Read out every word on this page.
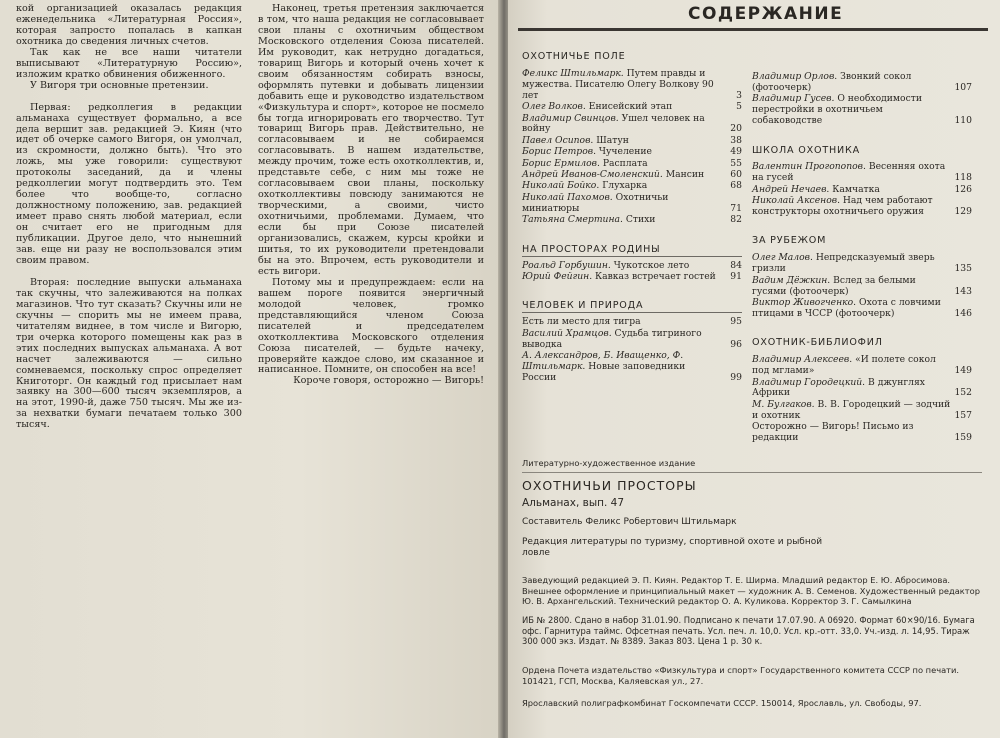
кой организацией оказалась редакция еженедельника «Литературная Россия», которая запросто попалась в капкан охотника до сведения личных счетов.

Так как не все наши читатели выписывают «Литературную Россию», изложим кратко обвинения обиженного.

У Вигоря три основные претензии.

Первая: редколлегия в редакции альманаха существует формально, а все дела вершит зав. редакцией Э. Киян (что идет об очерке самого Вигоря, он умолчал, из скромности, должно быть). Что это ложь, мы уже говорили: существуют протоколы заседаний, да и члены редколлегии могут подтвердить это. Тем более что вообще-то, согласно должностному положению, зав. редакцией имеет право снять любой материал, если он считает его не пригодным для публикации. Другое дело, что нынешний зав. еще ни разу не воспользовался этим своим правом.

Вторая: последние выпуски альманаха так скучны, что залеживаются на полках магазинов. Что тут сказать? Скучны или не скучны — спорить мы не имеем права, читателям виднее, в том числе и Вигорю, три очерка которого помещены как раз в этих последних выпусках альманаха. А вот насчет залеживаются — сильно сомневаемся, поскольку спрос определяет Книготорг. Он каждый год присылает нам заявку на 300—600 тысяч экземпляров, а на этот, 1990-й, даже 750 тысяч. Мы же из-за нехватки бумаги печатаем только 300 тысяч.

Наконец, третья претензия заключается в том, что наша редакция не согласовывает свои планы с охотничьим обществом Московского отделения Союза писателей. Им руководит, как нетрудно догадаться, товарищ Вигорь и который очень хочет к своим обязанностям собирать взносы, оформлять путевки и добывать лицензии добавить еще и руководство издательством «Физкультура и спорт», которое не посмело бы тогда игнорировать его творчество. Тут товарищ Вигорь прав. Действительно, не согласовываем и не собираемся согласовывать. В нашем издательстве, между прочим, тоже есть охотколлектив, и, представьте себе, с ним мы тоже не согласовываем свои планы, поскольку охотколлективы повсюду занимаются не творческими, а своими, чисто охотничьими, проблемами. Думаем, что если бы при Союзе писателей организовались, скажем, курсы кройки и шитья, то их руководители претендовали бы на это. Впрочем, есть руководители и есть вигори.

Потому мы и предупреждаем: если на вашем пороге появится энергичный молодой человек, громко представляющийся членом Союза писателей и председателем охотколлектива Московского отделения Союза писателей, — будьте начеку, проверяйте каждое слово, им сказанное и написанное. Помните, он способен на все!

Короче говоря, осторожно — Вигорь!

СОДЕРЖАНИЕ
ОХОТНИЧЬЕ ПОЛЕ
Феликс Штильмарк. Путем правды и мужества. Писателю Олегу Волкову 90 лет	3
Олег Волков. Енисейский этап	5
Владимир Свинцов. Ушел человек на войну	20
Павел Осипов. Шатун	38
Борис Петров. Чучеление	49
Борис Ермилов. Расплата	55
Андрей Иванов-Смоленский. Мансин	60
Николай Бойко. Глухарка	68
Николай Пахомов. Охотничьи миниатюры	71
Татьяна Смертина. Стихи	82
НА ПРОСТОРАХ РОДИНЫ
Роальд Горбушин. Чукотское лето	84
Юрий Фейгин. Кавказ встречает гостей 91
ЧЕЛОВЕК И ПРИРОДА
Есть ли место для тигра	95
Василий Храмцов. Судьба тигриного выводка	96
А. Александров, Б. Иващенко, Ф. Штильмарк. Новые заповедники России	99
Владимир Орлов. Звонкий сокол (фотоочерк)	107
Владимир Гусев. О необходимости перестройки в охотничьем собаководстве	110
ШКОЛА ОХОТНИКА
Валентин Прогопопов. Весенняя охота на гусей	118
Андрей Нечаев. Камчатка	126
Николай Аксенов. Над чем работают конструкторы охотничьего оружия	129
ЗА РУБЕЖОМ
Олег Малов. Непредсказуемый зверь гризли	135
Вадим Дёжкин. Вслед за белыми гусями (фотоочерк)	143
Виктор Живогченко. Охота с ловчими птицами в ЧССР (фотоочерк)	146
ОХОТНИК-БИБЛИОФИЛ
Владимир Алексеев. «И полете сокол под мглами»	149
Владимир Городецкий. В джунглях Африки	152
М. Булгаков. В. В. Городецкий — зодчий и охотник	157
Осторожно — Вигорь! Письмо из редакции	159
Литературно-художественное издание
ОХОТНИЧЬИ ПРОСТОРЫ
Альманах, вып. 47
Составитель Феликс Робертович Штильмарк
Редакция литературы по туризму, спортивной охоте и рыбной ловле
Заведующий редакцией Э. П. Киян. Редактор Т. Е. Ширма. Младший редактор Е. Ю. Абросимова. Внешнее оформление и принципиальный макет — художник А. В. Семенов. Художественный редактор Ю. В. Архангельский. Технический редактор О. А. Куликова. Корректор З. Г. Самылкина
ИБ № 2800. Сдано в набор 31.01.90. Подписано к печати 17.07.90. А 06920. Формат 60×90/16. Бумага офс. Гарнитура таймс. Офсетная печать. Усл. печ. л. 10,0. Усл. кр.-отт. 33,0. Уч.-изд. л. 14,95. Тираж 300 000 экз. Издат. № 8389. Заказ 803. Цена 1 р. 30 к.
Ордена Почета издательство «Физкультура и спорт» Государственного комитета СССР по печати. 101421, ГСП, Москва, Каляевская ул., 27.
Ярославский полиграфкомбинат Госкомпечати СССР. 150014, Ярославль, ул. Свободы, 97.
